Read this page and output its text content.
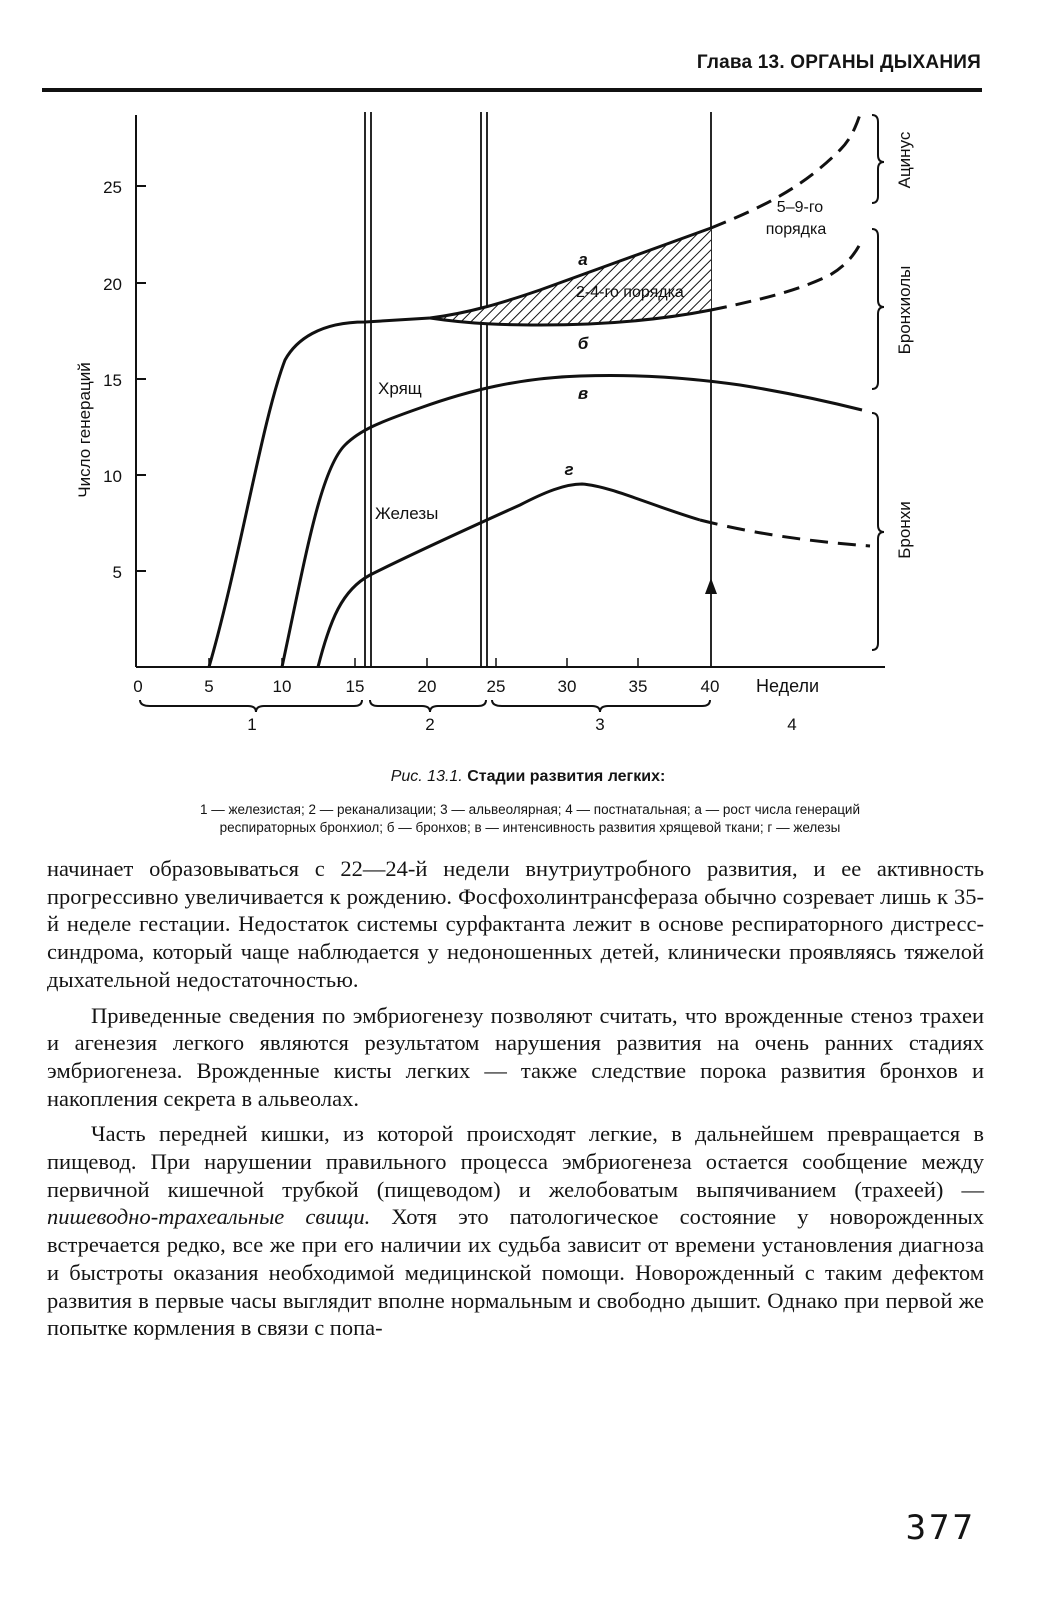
Глава 13. ОРГАНЫ ДЫХАНИЯ
25
20
15
10
5
Число генераций
0	5	10	15	20	25	30	35	40 Недели
1	2	3	4
а
б
в
г
Хрящ
Железы
2-4-го порядка
5–9-го
порядка
Ацинус
Бронхиолы
Бронхи
Рис. 13.1. Стадии развития легких:
1 — железистая; 2 — реканализации; 3 — альвеолярная; 4 — постнатальная; а — рост числа генераций
респираторных бронхиол; б — бронхов; в — интенсивность развития хрящевой ткани; г — железы

начинает образовываться с 22—24-й недели внутриутробного развития, и ее активность прогрессивно увеличивается к рождению. Фосфохолинтрансфераза обычно созревает лишь к 35-й неделе гестации. Недостаток системы сурфактанта лежит в основе респираторного дистресс-синдрома, который чаще наблюдается у недоношенных детей, клинически проявляясь тяжелой дыхательной недостаточностью.

Приведенные сведения по эмбриогенезу позволяют считать, что врожденные стеноз трахеи и агенезия легкого являются результатом нарушения развития на очень ранних стадиях эмбриогенеза. Врожденные кисты легких — также следствие порока развития бронхов и накопления секрета в альвеолах.

Часть передней кишки, из которой происходят легкие, в дальнейшем превращается в пищевод. При нарушении правильного процесса эмбриогенеза остается сообщение между первичной кишечной трубкой (пищеводом) и желобоватым выпячиванием (трахеей) — пишеводно-трахеальные свищи. Хотя это патологическое состояние у новорожденных встречается редко, все же при его наличии их судьба зависит от времени установления диагноза и быстроты оказания необходимой медицинской помощи. Новорожденный с таким дефектом развития в первые часы выглядит вполне нормальным и свободно дышит. Однако при первой же попытке кормления в связи с попа-

377
